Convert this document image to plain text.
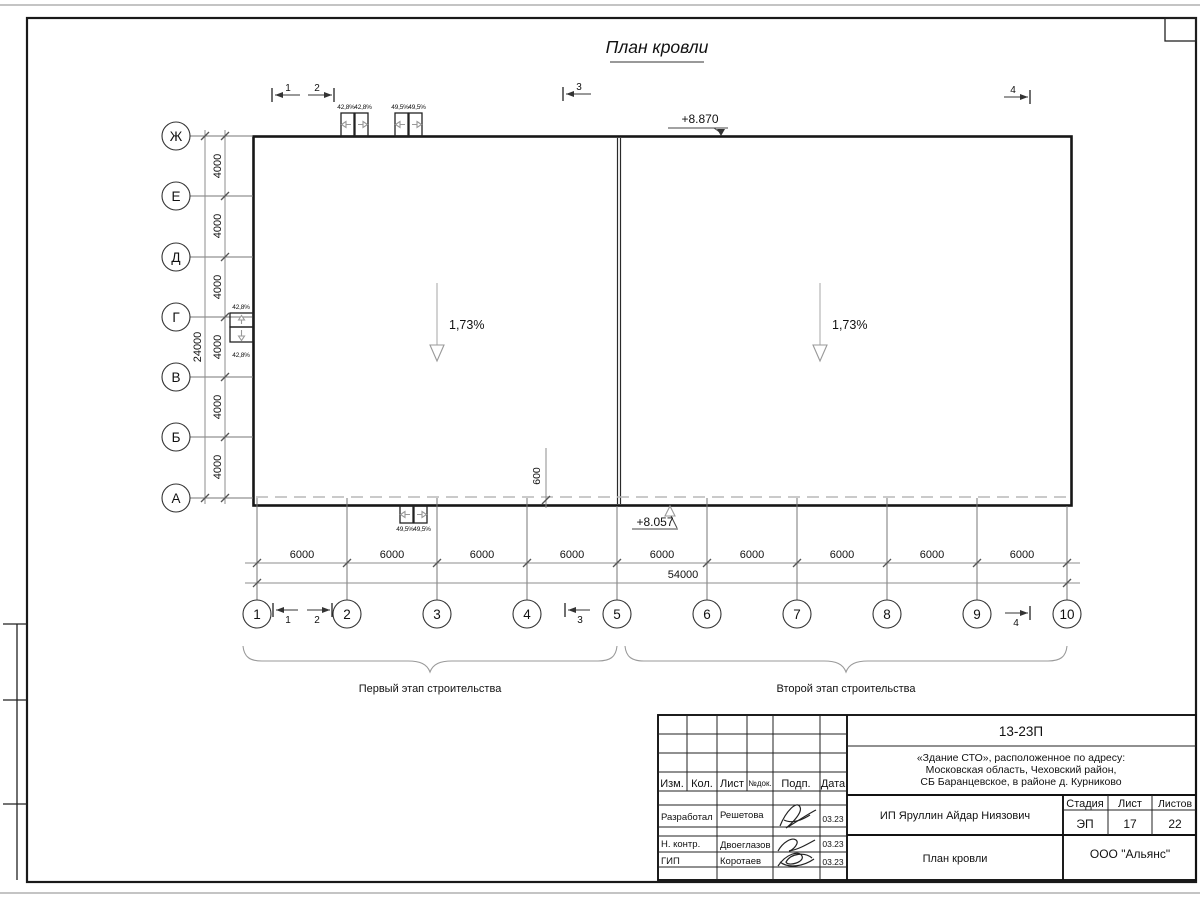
План кровли
Ж
Е
Д
Г
В
Б
А
4000
4000
4000
4000
4000
4000
24000
1	2	3	4	5	6	7	8	9	10
6000	6000	6000	6000	6000	6000	6000	6000	6000
54000
1,73%	1,73%
+8.870
+8.057
600
42,8% 42,8%	49,5% 49,5%
49,5% 49,5%
42,8%
42,8%
1 2	3	4
1 2	3	4
Первый этап строительства	Второй этап строительства
Изм. Кол. Лист №док. Подп. Дата
Разработал Решетова	03.23
Н. контр. Двоеглазов	03.23
ГИП	Коротаев	03.23
13-23П
«Здание СТО», расположенное по адресу:
Московская область, Чеховский район,
СБ Баранцевское, в районе д. Курниково
ИП Яруллин Айдар Ниязович
Стадия Лист Листов
ЭП 17	22
План кровли	ООО "Альянс"
